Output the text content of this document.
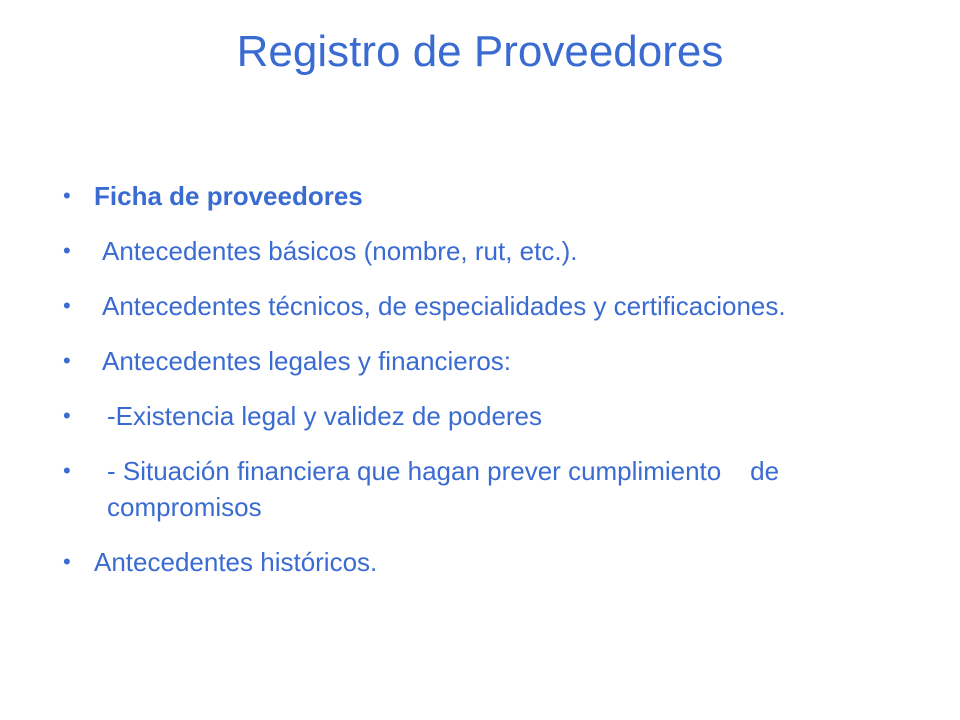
Registro de Proveedores
• Ficha de proveedores
• Antecedentes básicos (nombre, rut, etc.).
• Antecedentes técnicos, de especialidades y certificaciones.
• Antecedentes legales y financieros:
• -Existencia legal y validez de poderes
• - Situación financiera que hagan prever cumplimiento    de compromisos
• Antecedentes históricos.
